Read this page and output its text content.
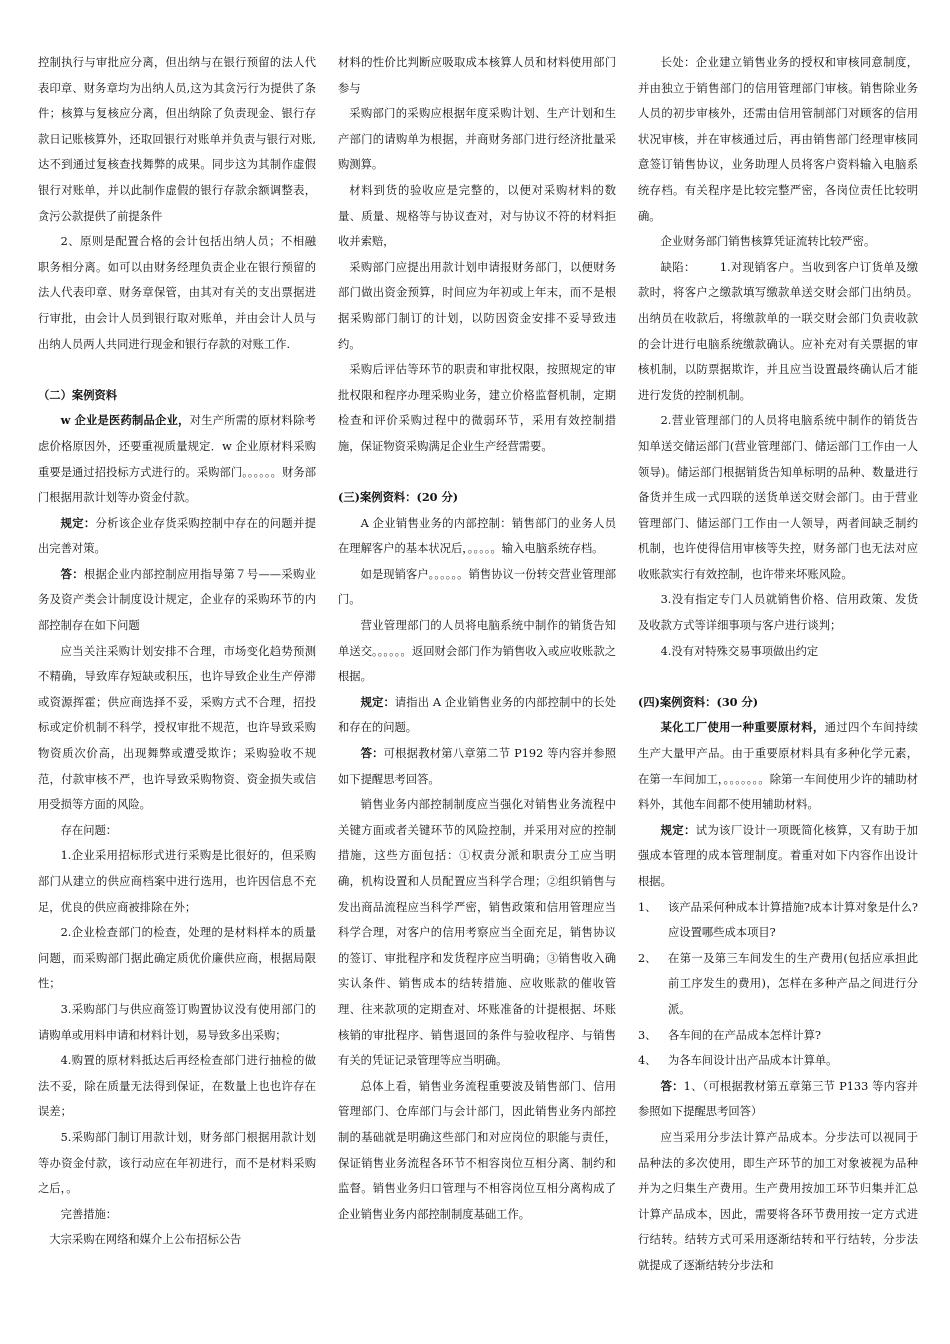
控制执行与审批应分离，但出纳与在银行预留的法人代表印章、财务章均为出纳人员,这为其贪污行为提供了条件；核算与复核应分离，但出纳除了负责现金、银行存款日记账核算外，还取回银行对账单并负责与银行对账,达不到通过复核查找舞弊的成果。同步这为其制作虚假银行对账单，并以此制作虚假的银行存款余额调整表，贪污公款提供了前提条件

2、原则是配置合格的会计包括出纳人员；不相融职务相分离。如可以由财务经理负责企业在银行预留的法人代表印章、财务章保管，由其对有关的支出票据进行审批，由会计人员到银行取对账单，并由会计人员与出纳人员两人共同进行现金和银行存款的对账工作.

（二）案例资料

w 企业是医药制品企业，对生产所需的原材料除考虑价格原因外，还要重视质量规定．w 企业原材料采购重要是通过招投标方式进行的。采购部门。。。。。。财务部门根据用款计划等办资金付款。

规定：分析该企业存货采购控制中存在的问题并提出完善对策。

答：根据企业内部控制应用指导第７号——采购业务及资产类会计制度设计规定，企业存的采购环节的内部控制存在如下问题

应当关注采购计划安排不合理，市场变化趋势预测不精确，导致库存短缺或积压，也许导致企业生产停滞或资源挥霍；供应商选择不妥，采购方式不合理，招投标或定价机制不科学，授权审批不规范，也许导致采购物资质次价高，出现舞弊或遭受欺诈；采购验收不规范，付款审核不严，也许导致采购物资、资金损失或信用受损等方面的风险。

存在问题：

1.企业采用招标形式进行采购是比很好的，但采购部门从建立的供应商档案中进行选用，也许因信息不充足，优良的供应商被排除在外；

2.企业检查部门的检查，处理的是材料样本的质量问题，而采购部门据此确定质优价廉供应商，根据局限性；

3.采购部门与供应商签订购置协议没有使用部门的请购单或用料申请和材料计划，易导致多出采购；

4.购置的原材料抵达后再经检查部门进行抽检的做法不妥，除在质量无法得到保证，在数量上也也许存在误差；

5.采购部门制订用款计划，财务部门根据用款计划等办资金付款，该行动应在年初进行，而不是材料采购之后，。

完善措施：

大宗采购在网络和媒介上公布招标公告

材料的性价比判断应吸取成本核算人员和材料使用部门参与

采购部门的采购应根据年度采购计划、生产计划和生产部门的请购单为根据，并商财务部门进行经济批量采购测算。

材料到货的验收应是完整的，以便对采购材料的数量、质量、规格等与协议查对，对与协议不符的材料拒收并索赔，

采购部门应提出用款计划申请报财务部门，以便财务部门做出资金预算，时间应为年初或上年末，而不是根据采购部门制订的计划，以防因资金安排不妥导致违约。

采购后评估等环节的职责和审批权限，按照规定的审批权限和程序办理采购业务，建立价格监督机制，定期检查和评价采购过程中的微弱环节，采用有效控制措施，保证物资采购满足企业生产经营需要。

(三)案例资料：(20 分)

A 企业销售业务的内部控制：销售部门的业务人员在理解客户的基本状况后，。。。。。输入电脑系统存档。

如是现销客户。。。。。。销售协议一份转交营业管理部门。

营业管理部门的人员将电脑系统中制作的销货告知单送交。。。。。。返回财会部门作为销售收入或应收账款之根据。

规定：请指出 A 企业销售业务的内部控制中的长处和存在的问题。

答：可根据教材第八章第二节 P192 等内容并参照如下提醒思考回答。

销售业务内部控制制度应当强化对销售业务流程中关键方面或者关键环节的风险控制，并采用对应的控制措施，这些方面包括：①权责分派和职责分工应当明确，机构设置和人员配置应当科学合理；②组织销售与发出商品流程应当科学严密，销售政策和信用管理应当科学合理，对客户的信用考察应当全面充足，销售协议的签订、审批程序和发货程序应当明确；③销售收入确实认条件、销售成本的结转措施、应收账款的催收管理、往来款项的定期查对、坏账准备的计提根据、坏账核销的审批程序、销售退回的条件与验收程序、与销售有关的凭证记录管理等应当明确。

总体上看，销售业务流程重要波及销售部门、信用管理部门、仓库部门与会计部门，因此销售业务内部控制的基础就是明确这些部门和对应岗位的职能与责任，保证销售业务流程各环节不相容岗位互相分离、制约和监督。销售业务归口管理与不相容岗位互相分离构成了企业销售业务内部控制制度基础工作。

长处：企业建立销售业务的授权和审核同意制度，并由独立于销售部门的信用管理部门审核。销售除业务人员的初步审核外，还需由信用管制部门对顾客的信用状况审核，并在审核通过后，再由销售部门经理审核同意签订销售协议，业务助理人员将客户资料输入电脑系统存档。有关程序是比较完整严密，各岗位责任比较明确。

企业财务部门销售核算凭证流转比较严密。

缺陷： 1.对现销客户。当收到客户订货单及缴款时，将客户之缴款填写缴款单送交财会部门出纳员。出纳员在收款后，将缴款单的一联交财会部门负责收款的会计进行电脑系统缴款确认。应补充对有关票据的审核机制，以防票据欺诈，并且应当设置最终确认后才能进行发货的控制机制。

2.营业管理部门的人员将电脑系统中制作的销货告知单送交储运部门(营业管理部门、储运部门工作由一人领导)。储运部门根据销货告知单标明的品种、数量进行备货并生成一式四联的送货单送交财会部门。由于营业管理部门、储运部门工作由一人领导，两者间缺乏制约机制，也许使得信用审核等失控，财务部门也无法对应收账款实行有效控制，也许带来坏账风险。

3.没有指定专门人员就销售价格、信用政策、发货及收款方式等详细事项与客户进行谈判；

4.没有对特殊交易事项做出约定

(四)案例资料：(30 分)

某化工厂使用一种重要原材料，通过四个车间持续生产大量甲产品。由于重要原材料具有多种化学元素，在第一车间加工，。。。。。。。除第一车间使用少许的辅助材料外，其他车间都不使用辅助材料。

规定：试为该厂设计一项既简化核算，又有助于加强成本管理的成本管理制度。着重对如下内容作出设计根据。

1、	该产品采何种成本计算措施?成本计算对象是什么?应设置哪些成本项目?
2、	在第一及第三车间发生的生产费用(包括应承担此前工序发生的费用)，怎样在多种产品之间进行分派。
3、	各车间的在产品成本怎样计算?
4、	为各车间设计出产品成本计算单。

答：1、（可根据教材第五章第三节 P133 等内容并参照如下提醒思考回答）

应当采用分步法计算产品成本。分步法可以视同于品种法的多次使用，即生产环节的加工对象被视为品种并为之归集生产费用。生产费用按加工环节归集并汇总计算产品成本，因此，需要将各环节费用按一定方式进行结转。结转方式可采用逐渐结转和平行结转，分步法就提成了逐渐结转分步法和
